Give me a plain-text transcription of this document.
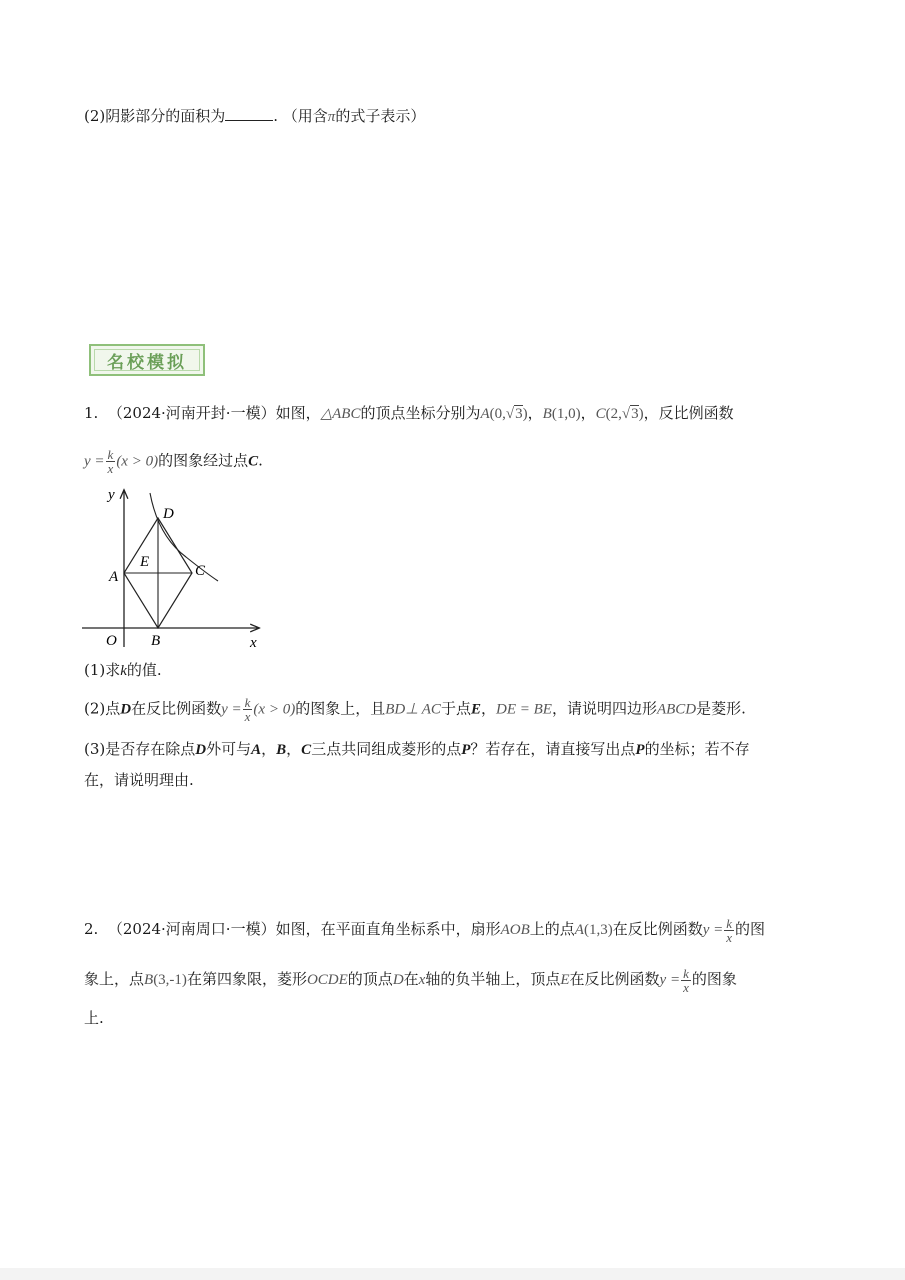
(2)阴影部分的面积为	. （用含π的式子表示）
名校模拟
1. （2024·河南开封·一模）如图，△ABC的顶点坐标分别为A(0,√3)，B(1,0)，C(2,√3)，反比例函数
$y = \frac{k}{x} (x > 0)$的图象经过点C.
y
x
O
A
B
C
D
E
(1)求k的值.
(2)点D在反比例函数$y = \frac{k}{x} (x > 0)$的图象上，且BD⊥ AC于点E，DE = BE，请说明四边形ABCD是菱形.
(3)是否存在除点D外可与A，B，C三点共同组成菱形的点P？若存在，请直接写出点P的坐标；若不存
在，请说明理由.
2. （2024·河南周口·一模）如图，在平面直角坐标系中，扇形AOB上的点A(1,3)在反比例函数$y = \frac{k}{x}$ 的图
象上，点B(3,-1)在第四象限，菱形OCDE的顶点D在x轴的负半轴上，顶点E在反比例函数$y = \frac{k}{x}$ 的图象
上.
